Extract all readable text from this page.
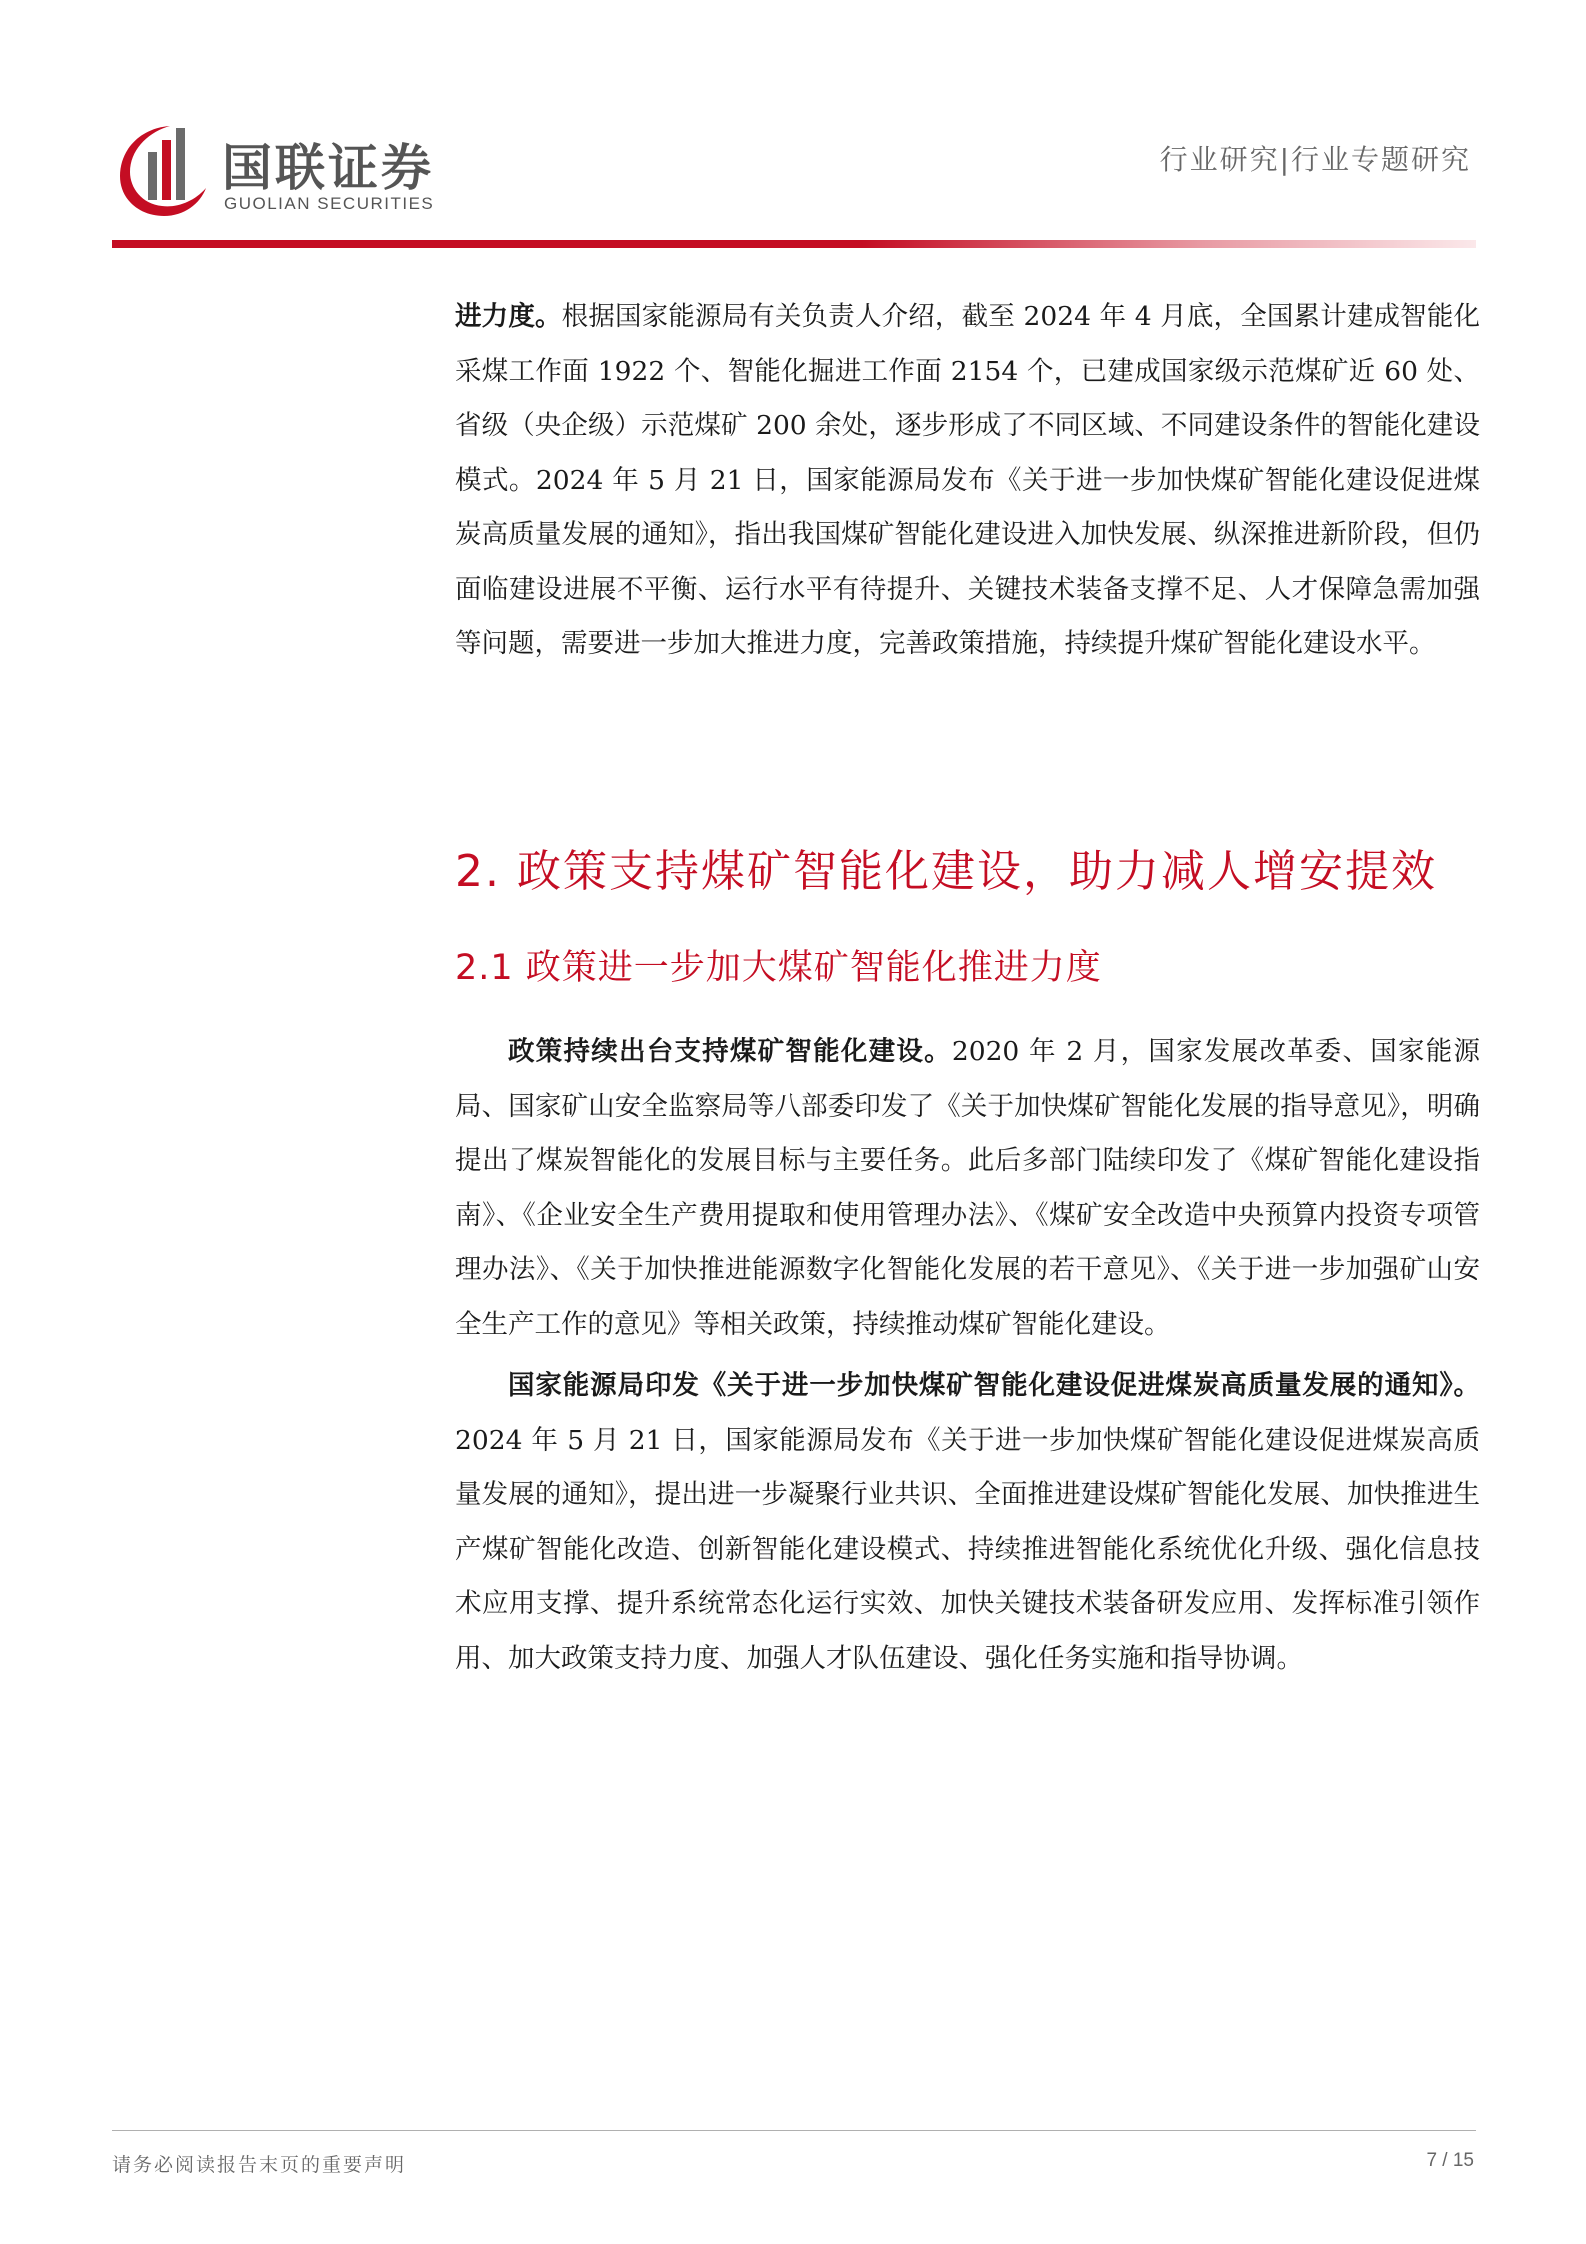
国联证券
GUOLIAN SECURITIES
行业研究|行业专题研究

进力度。根据国家能源局有关负责人介绍，截至 2024 年 4 月底，全国累计建成智能化采煤工作面 1922 个、智能化掘进工作面 2154 个，已建成国家级示范煤矿近 60 处、省级（央企级）示范煤矿 200 余处，逐步形成了不同区域、不同建设条件的智能化建设模式。2024 年 5 月 21 日，国家能源局发布《关于进一步加快煤矿智能化建设促进煤炭高质量发展的通知》，指出我国煤矿智能化建设进入加快发展、纵深推进新阶段，但仍面临建设进展不平衡、运行水平有待提升、关键技术装备支撑不足、人才保障急需加强等问题，需要进一步加大推进力度，完善政策措施，持续提升煤矿智能化建设水平。

2. 政策支持煤矿智能化建设，助力减人增安提效
2.1 政策进一步加大煤矿智能化推进力度

政策持续出台支持煤矿智能化建设。2020 年 2 月，国家发展改革委、国家能源局、国家矿山安全监察局等八部委印发了《关于加快煤矿智能化发展的指导意见》，明确提出了煤炭智能化的发展目标与主要任务。此后多部门陆续印发了《煤矿智能化建设指南》、《企业安全生产费用提取和使用管理办法》、《煤矿安全改造中央预算内投资专项管理办法》、《关于加快推进能源数字化智能化发展的若干意见》、《关于进一步加强矿山安全生产工作的意见》等相关政策，持续推动煤矿智能化建设。

国家能源局印发《关于进一步加快煤矿智能化建设促进煤炭高质量发展的通知》。2024 年 5 月 21 日，国家能源局发布《关于进一步加快煤矿智能化建设促进煤炭高质量发展的通知》，提出进一步凝聚行业共识、全面推进建设煤矿智能化发展、加快推进生产煤矿智能化改造、创新智能化建设模式、持续推进智能化系统优化升级、强化信息技术应用支撑、提升系统常态化运行实效、加快关键技术装备研发应用、发挥标准引领作用、加大政策支持力度、加强人才队伍建设、强化任务实施和指导协调。

请务必阅读报告末页的重要声明	7 / 15
